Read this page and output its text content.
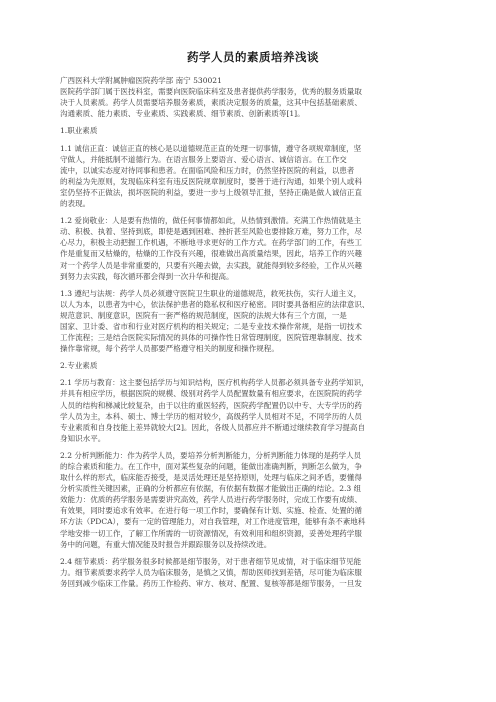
药学人员的素质培养浅谈
广西医科大学附属肿瘤医院药学部 南宁 530021
医院药学部门属于医技科室，需要向医院临床科室及患者提供药学服务，优秀的服务质量取
决于人员素质。药学人员需要培养服务素质，素质决定服务的质量，这其中包括基础素质、
沟通素质、能力素质、专业素质、实践素质、细节素质、创新素质等[1]。
1.职业素质
1.1 诚信正直：诚信正直的核心是以道德规范正直的处理一切事情，遵守各项规章制度，坚
守做人，并能抵制不道德行为。在语言服务上要语言、爱心语言、诚信语言。在工作交
流中，以诚实态度对待同事和患者。在面临风险和压力时，仍然坚持医院的利益，以患者
的利益为先原则，发现临床科室有违反医院规章制度时，要善于进行沟通，如果个别人或科
室仍坚持不正做法，损坏医院的利益，要进一步与上级领导汇报，坚持正确是做人诚信正直
的表现。
1.2 爱岗敬业：人是要有热情的，做任何事情都如此，从热情到激情。充满工作热情就是主
动、积极、执着、坚持到底，即使是遇到困难、挫折甚至风险也要排除万难，努力工作，尽
心尽力，积极主动把握工作机遇，不断地寻求更好的工作方式。在药学部门的工作，有些工
作是重复而又枯燥的，枯燥的工作没有兴趣，很难做出高质量结果，因此，培养工作的兴趣
对一个药学人员是非常重要的，只要有兴趣去做，去实践，就能得到较多经验，工作从兴趣
到努力去实践，每次循环都会得到一次升华和提高。
1.3 遵纪与法规：药学人员必须遵守医院卫生职业的道德规范，救死扶伤，实行人道主义，
以人为本，以患者为中心，依法保护患者的隐私权和医疗秘密。同时要具备相应的法律意识、
规范意识、制度意识，医院有一套严格的规范制度，医院的法规大体有三个方面，一是
国家、卫计委、省市和行业对医疗机构的相关规定；二是专业技术操作常规，是指一切技术
工作流程；三是结合医院实际情况的具体的可操作性日常管理制度，医院管理靠制度、技术
操作靠常规，每个药学人员都要严格遵守相关的制度和操作规程。
2.专业素质
2.1 学历与教育：这主要包括学历与知识结构，医疗机构药学人员都必须具备专业药学知识，
并具有相应学历，根据医院的规模、级别对药学人员配置数量有相应要求，在医院院的药学
人员的结构和梯减比较复杂，由于以往的重医轻药，医院药学配置仍以中专、大专学历的药
学人员为主，本科、硕士、博士学历的相对较少，高级药学人员相对不足，不同学历的人员
专业素质和自身技能上差异就较大[2]。因此，各级人员都应并不断通过继续教育学习提高自
身知识水平。
2.2 分析判断能力：作为药学人员，要培养分析判断能力，分析判断能力体现的是药学人员
的综合素质和能力。在工作中，面对某些复杂的问题，能做出准确判断，判断怎么做为，争
取什么样的形式，临床能否接受，是灵活处理还是坚持原则，处理与临床之间矛盾，要懂得
分析实质性关键因素，正确的分析都应有依据，有依据有数据才能做出正确的结论。2.3 组
效能力：优质的药学服务是需要讲究高效，药学人员进行药学服务时，完成工作要有成绩、
有效果，同时要追求有效率。在进行每一项工作时，要确保有计划、实施、检查、处置的循
环方法（PDCA），要有一定的管理能力，对自我管理，对工作进度管理，能够有条不紊地科
学地安排一切工作，了解工作所需的一切资源情况，有效利用和组织资源，妥善处理药学服
务中的问题，有重大情况能及时报告并跟踪服务以及持续改进。
2.4 细节素质：药学服务很多时候都是细节服务，对于患者细节见成情，对于临床细节见能
力。细节素质要求药学人员为临床服务，是慎之又慎，帮助医师找到差错，尽可能为临床服
务回到减少临床工作量。药历工作检药、审方、核对、配置、复核等都是细节服务，一旦发
